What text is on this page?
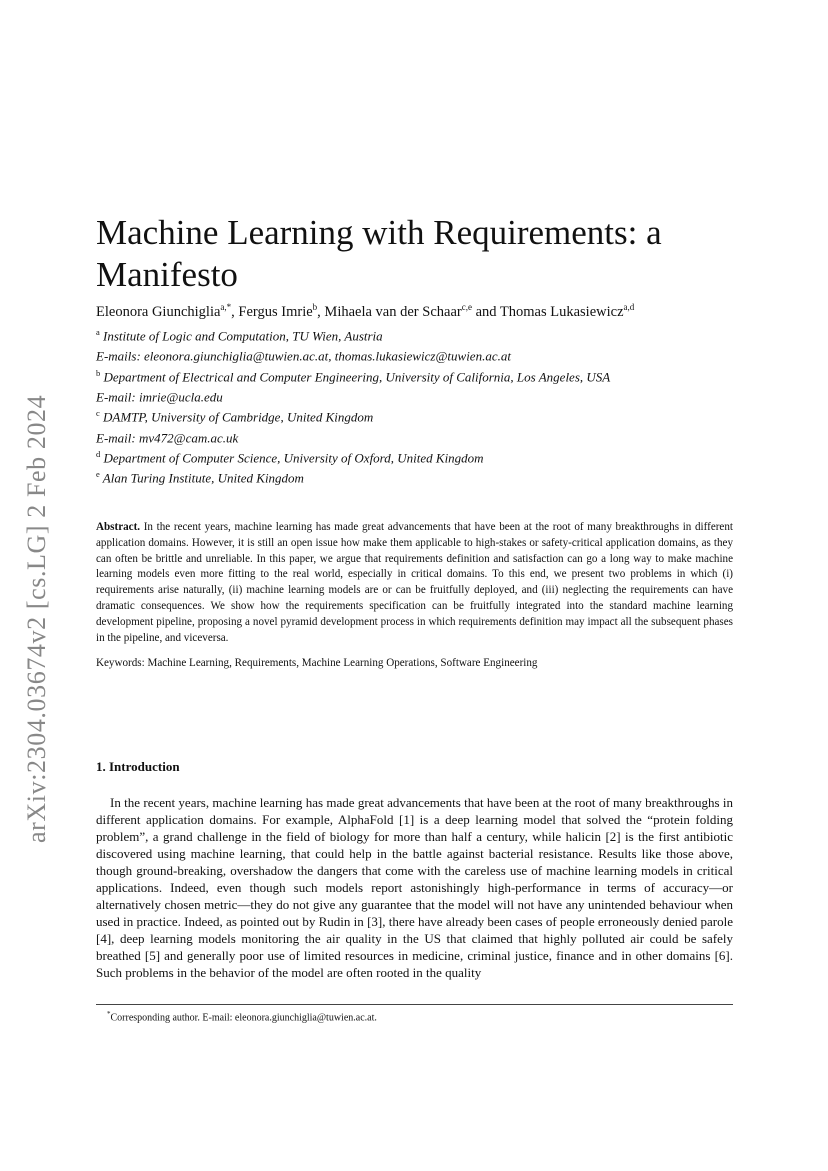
arXiv:2304.03674v2 [cs.LG] 2 Feb 2024
Machine Learning with Requirements: a Manifesto
Eleonora Giunchiglia$^{a,*}$, Fergus Imrie$^b$, Mihaela van der Schaar$^{c,e}$ and Thomas Lukasiewicz$^{a,d}$
$^a$ Institute of Logic and Computation, TU Wien, Austria
E-mails: eleonora.giunchiglia@tuwien.ac.at, thomas.lukasiewicz@tuwien.ac.at
$^b$ Department of Electrical and Computer Engineering, University of California, Los Angeles, USA
E-mail: imrie@ucla.edu
$^c$ DAMTP, University of Cambridge, United Kingdom
E-mail: mv472@cam.ac.uk
$^d$ Department of Computer Science, University of Oxford, United Kingdom
$^e$ Alan Turing Institute, United Kingdom

Abstract. In the recent years, machine learning has made great advancements that have been at the root of many breakthroughs in different application domains. However, it is still an open issue how make them applicable to high-stakes or safety-critical application domains, as they can often be brittle and unreliable. In this paper, we argue that requirements definition and satisfaction can go a long way to make machine learning models even more fitting to the real world, especially in critical domains. To this end, we present two problems in which (i) requirements arise naturally, (ii) machine learning models are or can be fruitfully deployed, and (iii) neglecting the requirements can have dramatic consequences. We show how the requirements specification can be fruitfully integrated into the standard machine learning development pipeline, proposing a novel pyramid development process in which requirements definition may impact all the subsequent phases in the pipeline, and viceversa.

Keywords: Machine Learning, Requirements, Machine Learning Operations, Software Engineering
1. Introduction

In the recent years, machine learning has made great advancements that have been at the root of many breakthroughs in different application domains. For example, AlphaFold [1] is a deep learning model that solved the “protein folding problem”, a grand challenge in the field of biology for more than half a century, while halicin [2] is the first antibiotic discovered using machine learning, that could help in the battle against bacterial resistance. Results like those above, though ground-breaking, overshadow the dangers that come with the careless use of machine learning models in critical applications. Indeed, even though such models report astonishingly high-performance in terms of accuracy—or alternatively chosen metric—they do not give any guarantee that the model will not have any unintended behaviour when used in practice. Indeed, as pointed out by Rudin in [3], there have already been cases of people erroneously denied parole [4], deep learning models monitoring the air quality in the US that claimed that highly polluted air could be safely breathed [5] and generally poor use of limited resources in medicine, criminal justice, finance and in other domains [6]. Such problems in the behavior of the model are often rooted in the quality

*Corresponding author. E-mail: eleonora.giunchiglia@tuwien.ac.at.
